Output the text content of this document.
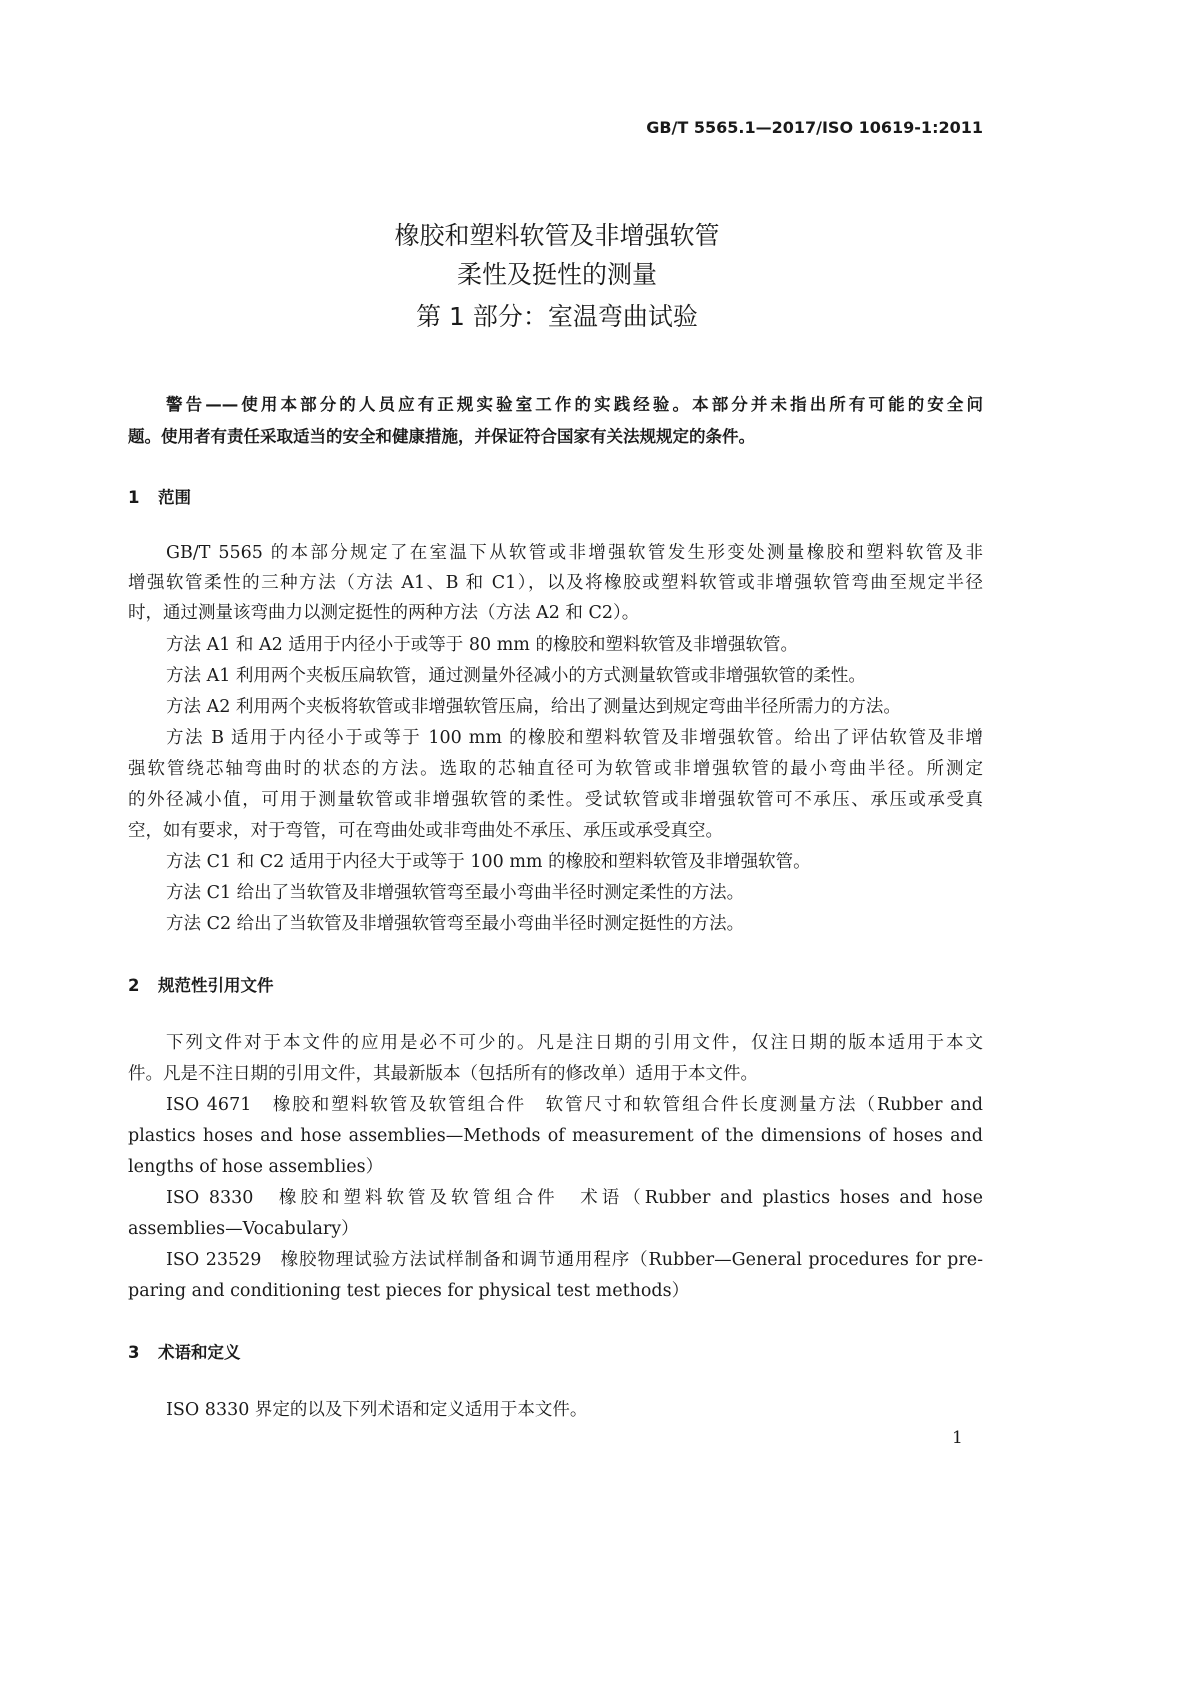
GB/T 5565.1—2017/ISO 10619-1:2011
橡胶和塑料软管及非增强软管
柔性及挺性的测量
第 1 部分：室温弯曲试验
警告——使用本部分的人员应有正规实验室工作的实践经验。本部分并未指出所有可能的安全问
题。使用者有责任采取适当的安全和健康措施，并保证符合国家有关法规规定的条件。
1 范围
GB/T 5565 的本部分规定了在室温下从软管或非增强软管发生形变处测量橡胶和塑料软管及非
增强软管柔性的三种方法（方法 A1、B 和 C1），以及将橡胶或塑料软管或非增强软管弯曲至规定半径
时，通过测量该弯曲力以测定挺性的两种方法（方法 A2 和 C2）。
方法 A1 和 A2 适用于内径小于或等于 80 mm 的橡胶和塑料软管及非增强软管。
方法 A1 利用两个夹板压扁软管，通过测量外径减小的方式测量软管或非增强软管的柔性。
方法 A2 利用两个夹板将软管或非增强软管压扁，给出了测量达到规定弯曲半径所需力的方法。
方法 B 适用于内径小于或等于 100 mm 的橡胶和塑料软管及非增强软管。给出了评估软管及非增
强软管绕芯轴弯曲时的状态的方法。选取的芯轴直径可为软管或非增强软管的最小弯曲半径。所测定
的外径减小值，可用于测量软管或非增强软管的柔性。受试软管或非增强软管可不承压、承压或承受真
空，如有要求，对于弯管，可在弯曲处或非弯曲处不承压、承压或承受真空。
方法 C1 和 C2 适用于内径大于或等于 100 mm 的橡胶和塑料软管及非增强软管。
方法 C1 给出了当软管及非增强软管弯至最小弯曲半径时测定柔性的方法。
方法 C2 给出了当软管及非增强软管弯至最小弯曲半径时测定挺性的方法。
2 规范性引用文件
下列文件对于本文件的应用是必不可少的。凡是注日期的引用文件，仅注日期的版本适用于本文
件。凡是不注日期的引用文件，其最新版本（包括所有的修改单）适用于本文件。
ISO 4671　橡胶和塑料软管及软管组合件　软管尺寸和软管组合件长度测量方法（Rubber and
plastics hoses and hose assemblies—Methods of measurement of the dimensions of hoses and
lengths of hose assemblies）
ISO 8330　橡胶和塑料软管及软管组合件　术语（Rubber and plastics hoses and hose
assemblies—Vocabulary）
ISO 23529　橡胶物理试验方法试样制备和调节通用程序（Rubber—General procedures for pre-
paring and conditioning test pieces for physical test methods）
3 术语和定义
ISO 8330 界定的以及下列术语和定义适用于本文件。
1
